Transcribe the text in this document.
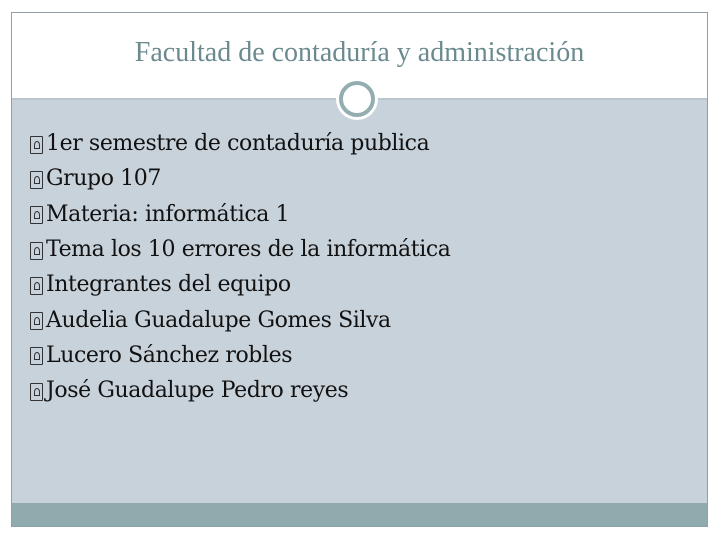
Facultad de contaduría y administración
1er semestre de contaduría publica
Grupo 107
Materia: informática 1
Tema los 10 errores de la informática
Integrantes del equipo
Audelia Guadalupe Gomes Silva
Lucero Sánchez robles
José Guadalupe Pedro reyes
